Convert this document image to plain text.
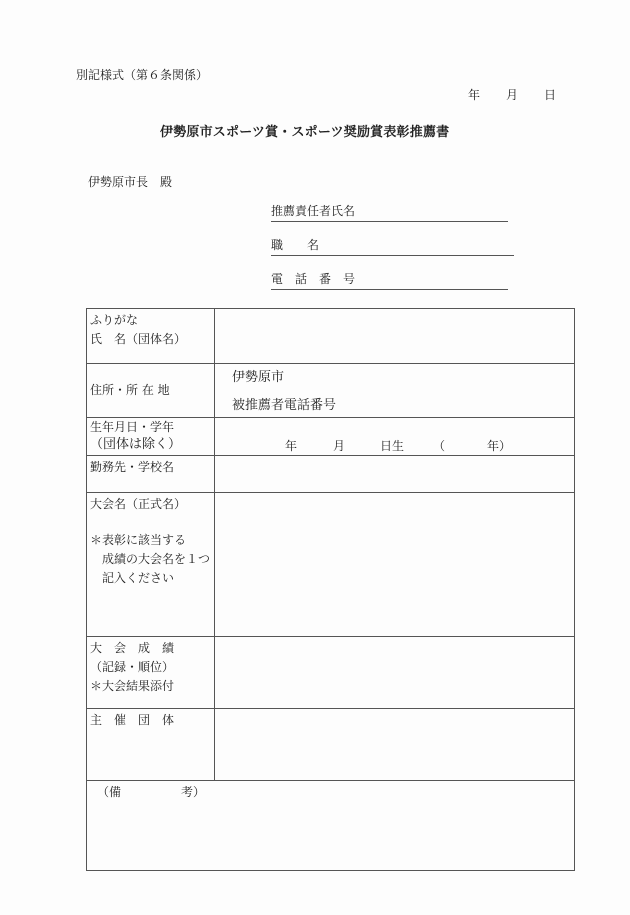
別記様式（第６条関係）
年 月 日
伊勢原市スポーツ賞・スポーツ奨励賞表彰推薦書
伊勢原市長　殿
推薦責任者氏名
職　　名
電　話　番　号
ふりがな
氏　名（団体名）	

住所・所 在 地	伊勢原市
被推薦者電話番号

生年月日・学年
（団体は除く）	年	月	日生 （	年）

勤務先・学校名	

大会名（正式名）
＊表彰に該当する
成績の大会名を１つ
記入ください	

大　会　成　績
（記録・順位）
＊大会結果添付	

主　催　団　体	

（備　　　　　考）	
